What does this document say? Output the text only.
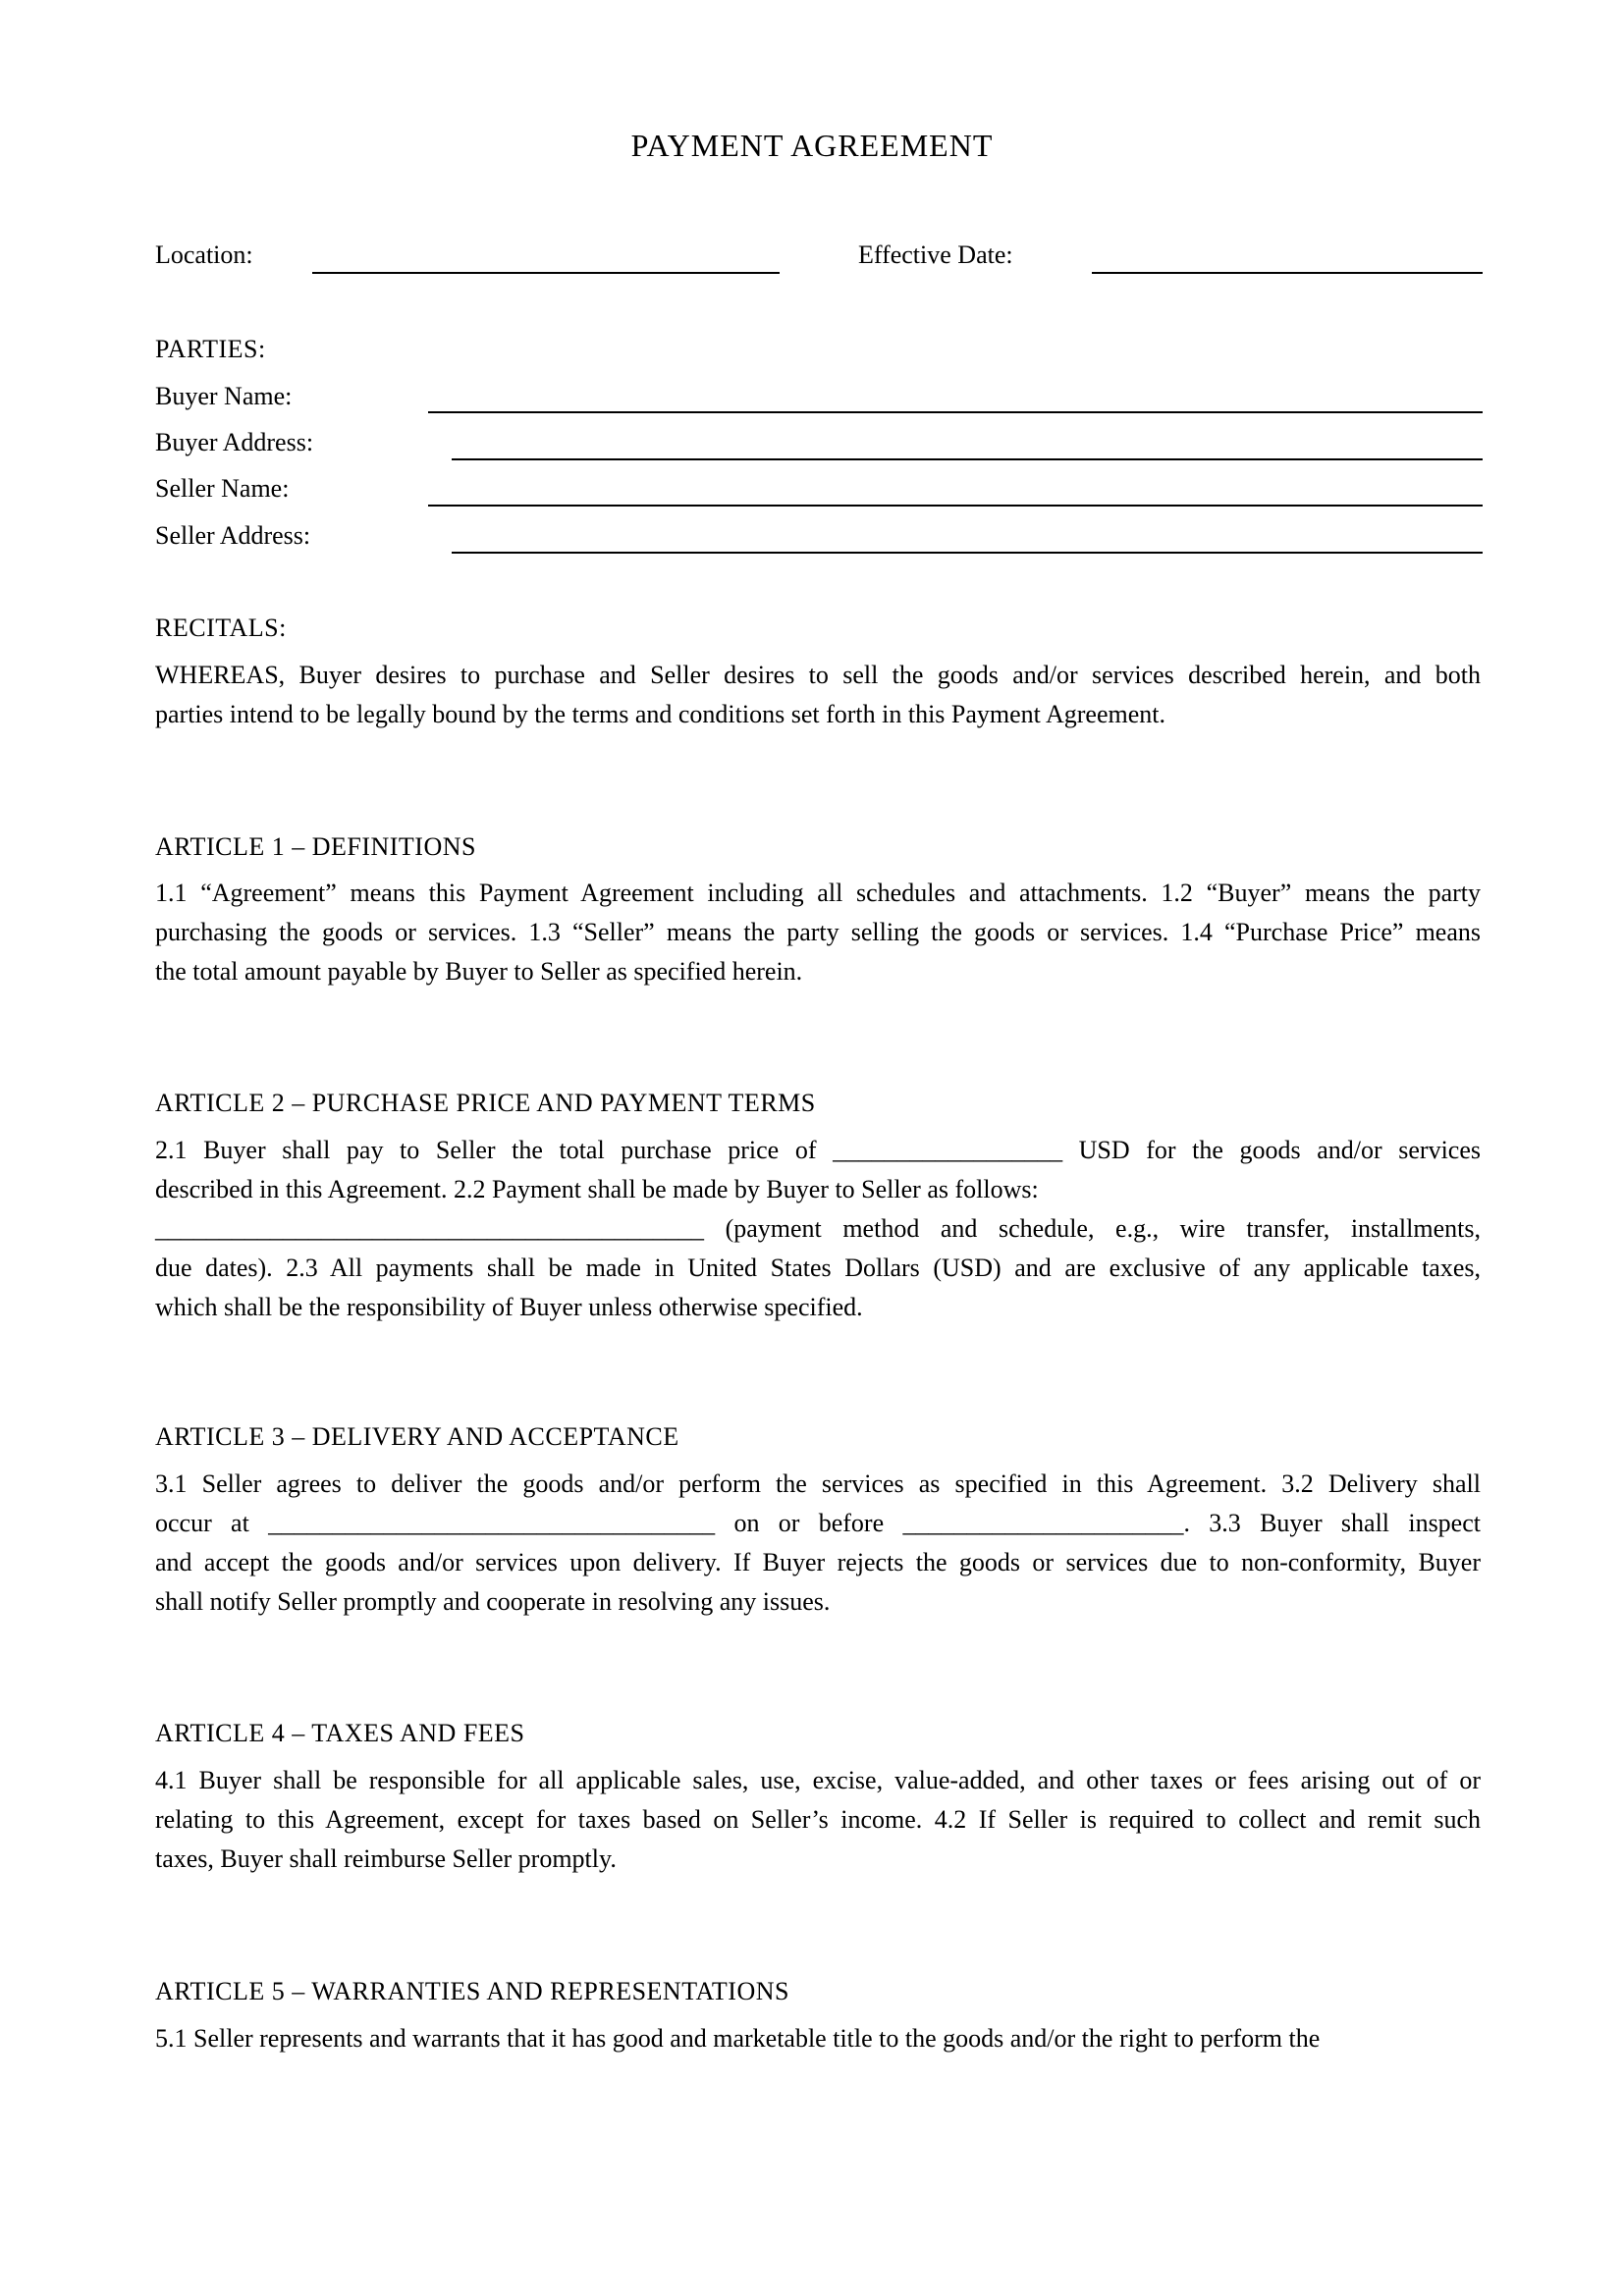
PAYMENT AGREEMENT
Location:	Effective Date:
PARTIES:
Buyer Name:
Buyer Address:
Seller Name:
Seller Address:
RECITALS:
WHEREAS, Buyer desires to purchase and Seller desires to sell the goods and/or services described herein, and both
parties intend to be legally bound by the terms and conditions set forth in this Payment Agreement.
ARTICLE 1 – DEFINITIONS
1.1 “Agreement” means this Payment Agreement including all schedules and attachments. 1.2 “Buyer” means the party
purchasing the goods or services. 1.3 “Seller” means the party selling the goods or services. 1.4 “Purchase Price” means
the total amount payable by Buyer to Seller as specified herein.
ARTICLE 2 – PURCHASE PRICE AND PAYMENT TERMS
2.1 Buyer shall pay to Seller the total purchase price of __________________ USD for the goods and/or services
described in this Agreement. 2.2 Payment shall be made by Buyer to Seller as follows:
___________________________________________ (payment method and schedule, e.g., wire transfer, installments,
due dates). 2.3 All payments shall be made in United States Dollars (USD) and are exclusive of any applicable taxes,
which shall be the responsibility of Buyer unless otherwise specified.
ARTICLE 3 – DELIVERY AND ACCEPTANCE
3.1 Seller agrees to deliver the goods and/or perform the services as specified in this Agreement. 3.2 Delivery shall
occur at ___________________________________ on or before ______________________. 3.3 Buyer shall inspect
and accept the goods and/or services upon delivery. If Buyer rejects the goods or services due to non-conformity, Buyer
shall notify Seller promptly and cooperate in resolving any issues.
ARTICLE 4 – TAXES AND FEES
4.1 Buyer shall be responsible for all applicable sales, use, excise, value-added, and other taxes or fees arising out of or
relating to this Agreement, except for taxes based on Seller’s income. 4.2 If Seller is required to collect and remit such
taxes, Buyer shall reimburse Seller promptly.
ARTICLE 5 – WARRANTIES AND REPRESENTATIONS
5.1 Seller represents and warrants that it has good and marketable title to the goods and/or the right to perform the
